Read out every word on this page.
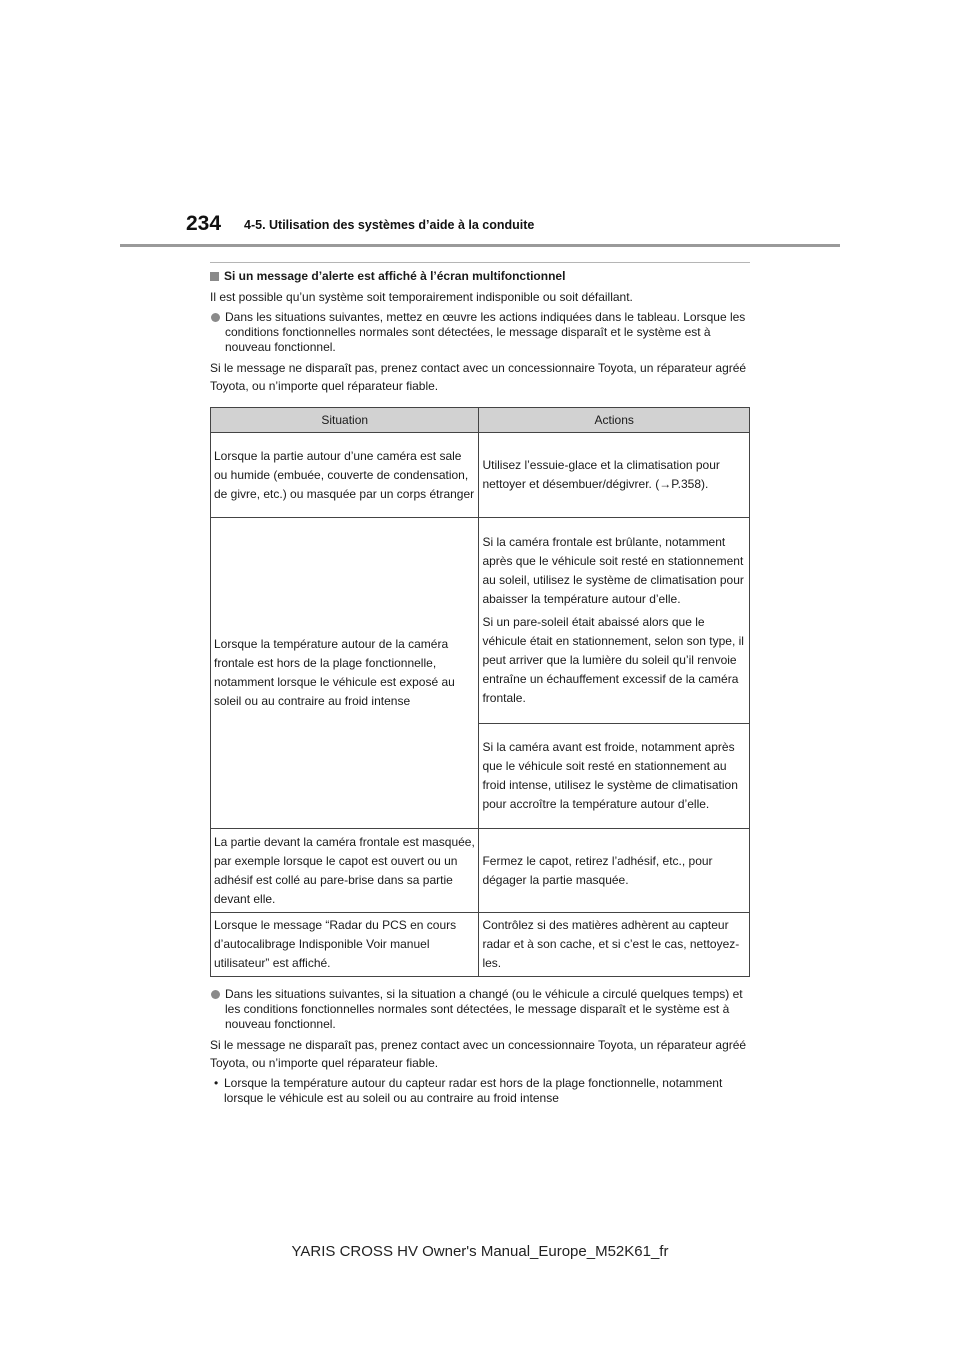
234 4-5. Utilisation des systèmes d’aide à la conduite
Si un message d’alerte est affiché à l’écran multifonctionnel

Il est possible qu’un système soit temporairement indisponible ou soit défaillant.

Dans les situations suivantes, mettez en œuvre les actions indiquées dans le tableau. Lorsque les conditions fonctionnelles normales sont détectées, le message disparaît et le système est à nouveau fonctionnel.

Si le message ne disparaît pas, prenez contact avec un concessionnaire Toyota, un réparateur agréé Toyota, ou n’importe quel réparateur fiable.

Situation	Actions
Lorsque la partie autour d’une caméra est sale ou humide (embuée, couverte de condensation, de givre, etc.) ou masquée par un corps étranger	Utilisez l’essuie-glace et la climatisation pour nettoyer et désembuer/dégivrer. (→P.358).
Lorsque la température autour de la caméra frontale est hors de la plage fonctionnelle, notamment lorsque le véhicule est exposé au soleil ou au contraire au froid intense	Si la caméra frontale est brûlante, notamment après que le véhicule soit resté en stationnement au soleil, utilisez le système de climatisation pour abaisser la température autour d’elle.
Si un pare-soleil était abaissé alors que le véhicule était en stationnement, selon son type, il peut arriver que la lumière du soleil qu’il renvoie entraîne un échauffement excessif de la caméra frontale.

	Si la caméra avant est froide, notamment après que le véhicule soit resté en stationnement au froid intense, utilisez le système de climatisation pour accroître la température autour d’elle.
La partie devant la caméra frontale est masquée, par exemple lorsque le capot est ouvert ou un adhésif est collé au pare-brise dans sa partie devant elle.	Fermez le capot, retirez l’adhésif, etc., pour dégager la partie masquée.
Lorsque le message “Radar du PCS en cours d’autocalibrage Indisponible Voir manuel utilisateur” est affiché.	Contrôlez si des matières adhèrent au capteur radar et à son cache, et si c’est le cas, nettoyez-les.
Dans les situations suivantes, si la situation a changé (ou le véhicule a circulé quelques temps) et les conditions fonctionnelles normales sont détectées, le message disparaît et le système est à nouveau fonctionnel.

Si le message ne disparaît pas, prenez contact avec un concessionnaire Toyota, un réparateur agréé Toyota, ou n’importe quel réparateur fiable.

• Lorsque la température autour du capteur radar est hors de la plage fonctionnelle, notamment lorsque le véhicule est au soleil ou au contraire au froid intense
YARIS CROSS HV Owner's Manual_Europe_M52K61_fr
